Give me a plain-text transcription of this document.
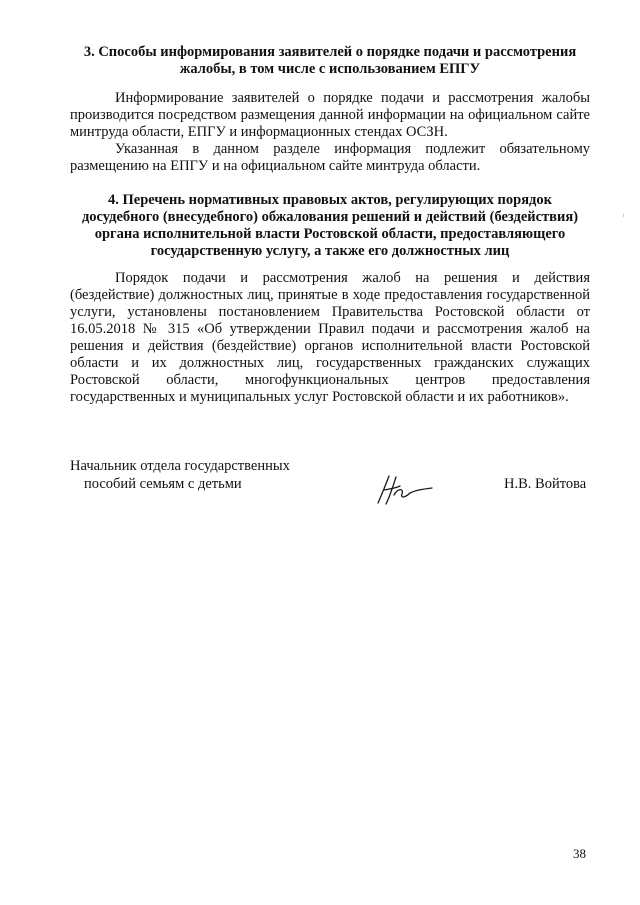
3. Способы информирования заявителей о порядке подачи и рассмотрения жалобы, в том числе с использованием ЕПГУ

Информирование заявителей о порядке подачи и рассмотрения жалобы производится посредством размещения данной информации на официальном сайте минтруда области, ЕПГУ и информационных стендах ОСЗН.

Указанная в данном разделе информация подлежит обязательному размещению на ЕПГУ и на официальном сайте минтруда области.

4. Перечень нормативных правовых актов, регулирующих порядок досудебного (внесудебного) обжалования решений и действий (бездействия) органа исполнительной власти Ростовской области, предоставляющего государственную услугу, а также его должностных лиц

Порядок подачи и рассмотрения жалоб на решения и действия (бездействие) должностных лиц, принятые в ходе предоставления государственной услуги, установлены постановлением Правительства Ростовской области от 16.05.2018 № 315 «Об утверждении Правил подачи и рассмотрения жалоб на решения и действия (бездействие) органов исполнительной власти Ростовской области и их должностных лиц, государственных гражданских служащих Ростовской области, многофункциональных центров предоставления государственных и муниципальных услуг Ростовской области и их работников».

Начальник отдела государственных

пособий семьям с детьми	Н.В. Войтова

38
